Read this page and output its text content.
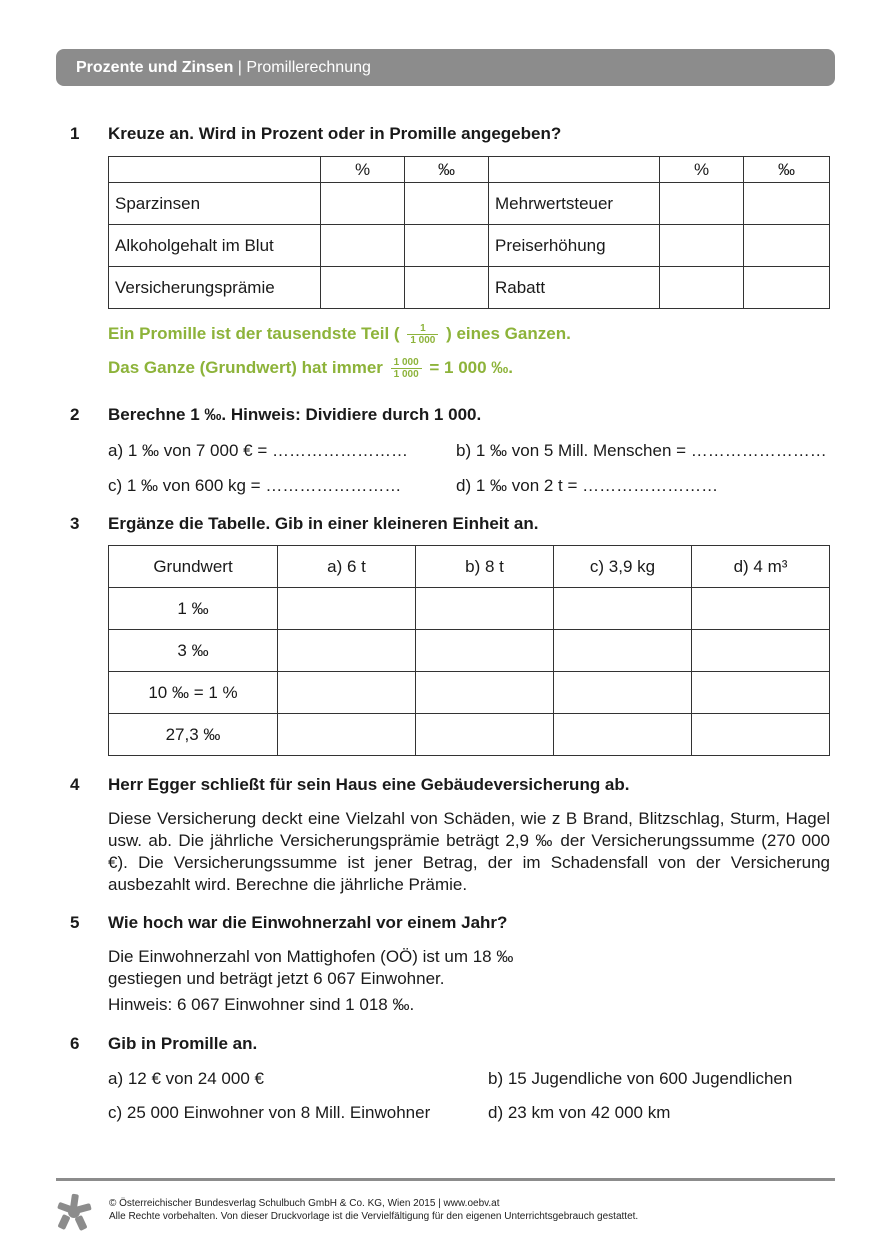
Prozente und Zinsen | Promillerechnung
1 Kreuze an. Wird in Prozent oder in Promille angegeben?
	%	‰		%	‰
Sparzinsen			Mehrwertsteuer		
Alkoholgehalt im Blut			Preiserhöhung		
Versicherungsprämie			Rabatt		
Ein Promille ist der tausendste Teil ( $\frac{1}{1 000}$ ) eines Ganzen.
Das Ganze (Grundwert) hat immer $\frac{1 000}{1 000} = 1$ 000 ‰.
2 Berechne 1 ‰. Hinweis: Dividiere durch 1 000.
a) 1 ‰ von 7 000 € = ……………………	b) 1 ‰ von 5 Mill. Menschen = ……………………
c) 1 ‰ von 600 kg = ……………………	d) 1 ‰ von 2 t = ……………………
3 Ergänze die Tabelle. Gib in einer kleineren Einheit an.
Grundwert	a) 6 t	b) 8 t	c) 3,9 kg	d) 4 m³
1 ‰				
3 ‰				
10 ‰ = 1 %				
27,3 ‰				
4 Herr Egger schließt für sein Haus eine Gebäudeversicherung ab.
Diese Versicherung deckt eine Vielzahl von Schäden, wie z B Brand, Blitzschlag, Sturm, Hagel usw. ab. Die jährliche Versicherungsprämie beträgt 2,9 ‰ der Versicherungssumme (270 000 €). Die Versicherungssumme ist jener Betrag, der im Schadensfall von der Versicherung ausbezahlt wird. Berechne die jährliche Prämie.
5 Wie hoch war die Einwohnerzahl vor einem Jahr?
Die Einwohnerzahl von Mattighofen (OÖ) ist um 18 ‰
gestiegen und beträgt jetzt 6 067 Einwohner.
Hinweis: 6 067 Einwohner sind 1 018 ‰.
6 Gib in Promille an.
a) 12 € von 24 000 €	b) 15 Jugendliche von 600 Jugendlichen
c) 25 000 Einwohner von 8 Mill. Einwohner	d) 23 km von 42 000 km
© Österreichischer Bundesverlag Schulbuch GmbH & Co. KG, Wien 2015 | www.oebv.at
Alle Rechte vorbehalten. Von dieser Druckvorlage ist die Vervielfältigung für den eigenen Unterrichtsgebrauch gestattet.
